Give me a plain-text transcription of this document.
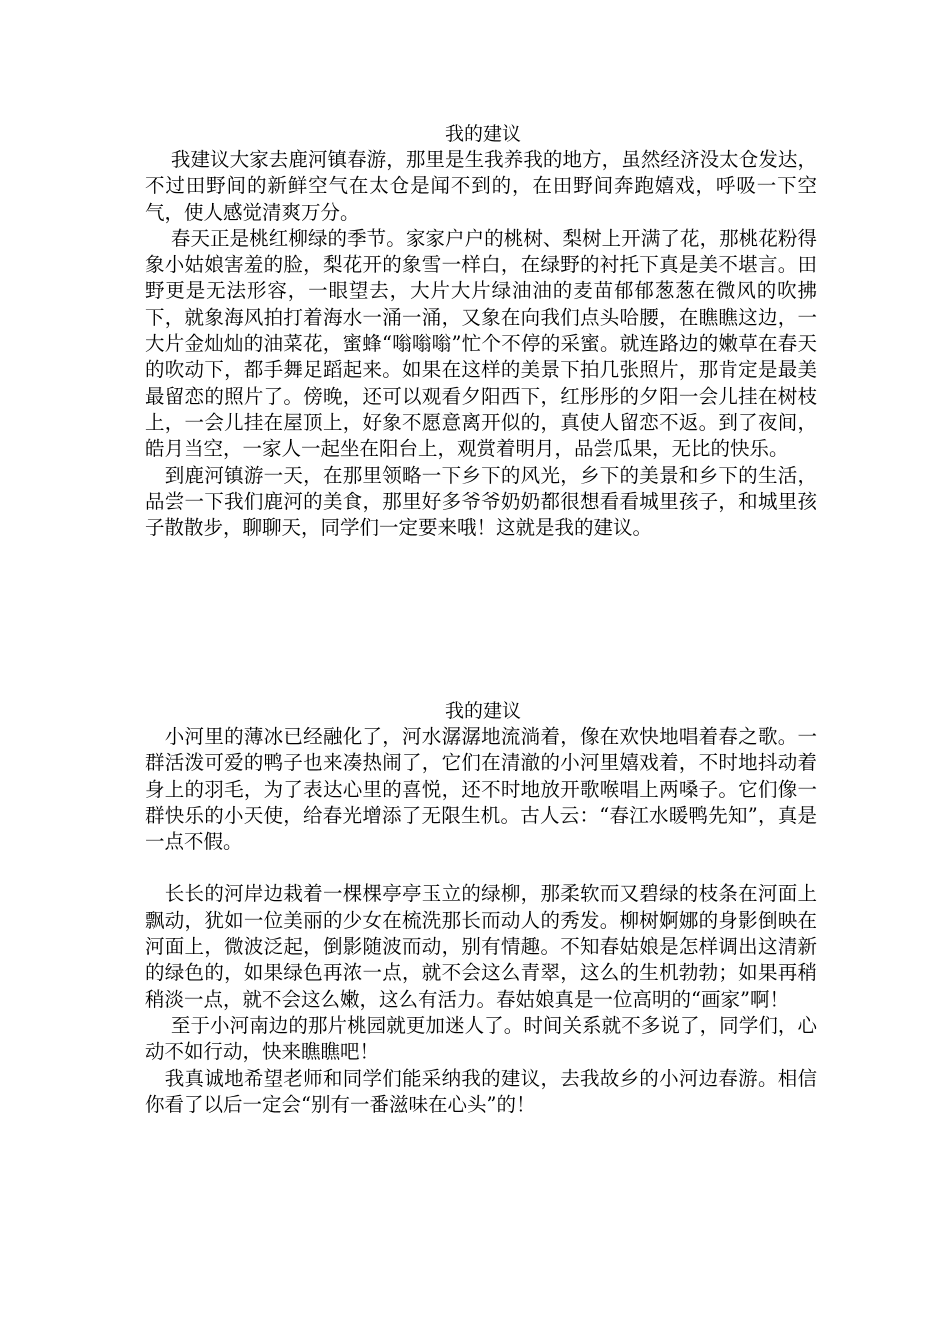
我的建议

　 我建议大家去鹿河镇春游，那里是生我养我的地方，虽然经济没太仓发达，不过田野间的新鲜空气在太仓是闻不到的，在田野间奔跑嬉戏，呼吸一下空气，使人感觉清爽万分。

　 春天正是桃红柳绿的季节。家家户户的桃树、梨树上开满了花，那桃花粉得象小姑娘害羞的脸，梨花开的象雪一样白，在绿野的衬托下真是美不堪言。田野更是无法形容，一眼望去，大片大片绿油油的麦苗郁郁葱葱在微风的吹拂下，就象海风拍打着海水一涌一涌，又象在向我们点头哈腰，在瞧瞧这边，一大片金灿灿的油菜花，蜜蜂“嗡嗡嗡”忙个不停的采蜜。就连路边的嫩草在春天的吹动下，都手舞足蹈起来。如果在这样的美景下拍几张照片，那肯定是最美最留恋的照片了。傍晚，还可以观看夕阳西下，红彤彤的夕阳一会儿挂在树枝上，一会儿挂在屋顶上，好象不愿意离开似的，真使人留恋不返。到了夜间，皓月当空，一家人一起坐在阳台上，观赏着明月，品尝瓜果，无比的快乐。

　到鹿河镇游一天，在那里领略一下乡下的风光，乡下的美景和乡下的生活，品尝一下我们鹿河的美食，那里好多爷爷奶奶都很想看看城里孩子，和城里孩子散散步，聊聊天，同学们一定要来哦！这就是我的建议。

我的建议

　小河里的薄冰已经融化了，河水潺潺地流淌着，像在欢快地唱着春之歌。一群活泼可爱的鸭子也来凑热闹了，它们在清澈的小河里嬉戏着，不时地抖动着身上的羽毛，为了表达心里的喜悦，还不时地放开歌喉唱上两嗓子。它们像一群快乐的小天使，给春光增添了无限生机。古人云：“春江水暖鸭先知”，真是一点不假。

　长长的河岸边栽着一棵棵亭亭玉立的绿柳，那柔软而又碧绿的枝条在河面上飘动，犹如一位美丽的少女在梳洗那长而动人的秀发。柳树婀娜的身影倒映在河面上，微波泛起，倒影随波而动，别有情趣。不知春姑娘是怎样调出这清新的绿色的，如果绿色再浓一点，就不会这么青翠，这么的生机勃勃；如果再稍稍淡一点，就不会这么嫩，这么有活力。春姑娘真是一位高明的“画家”啊！

　 至于小河南边的那片桃园就更加迷人了。时间关系就不多说了，同学们，心动不如行动，快来瞧瞧吧！

　我真诚地希望老师和同学们能采纳我的建议，去我故乡的小河边春游。相信你看了以后一定会“别有一番滋味在心头”的！
